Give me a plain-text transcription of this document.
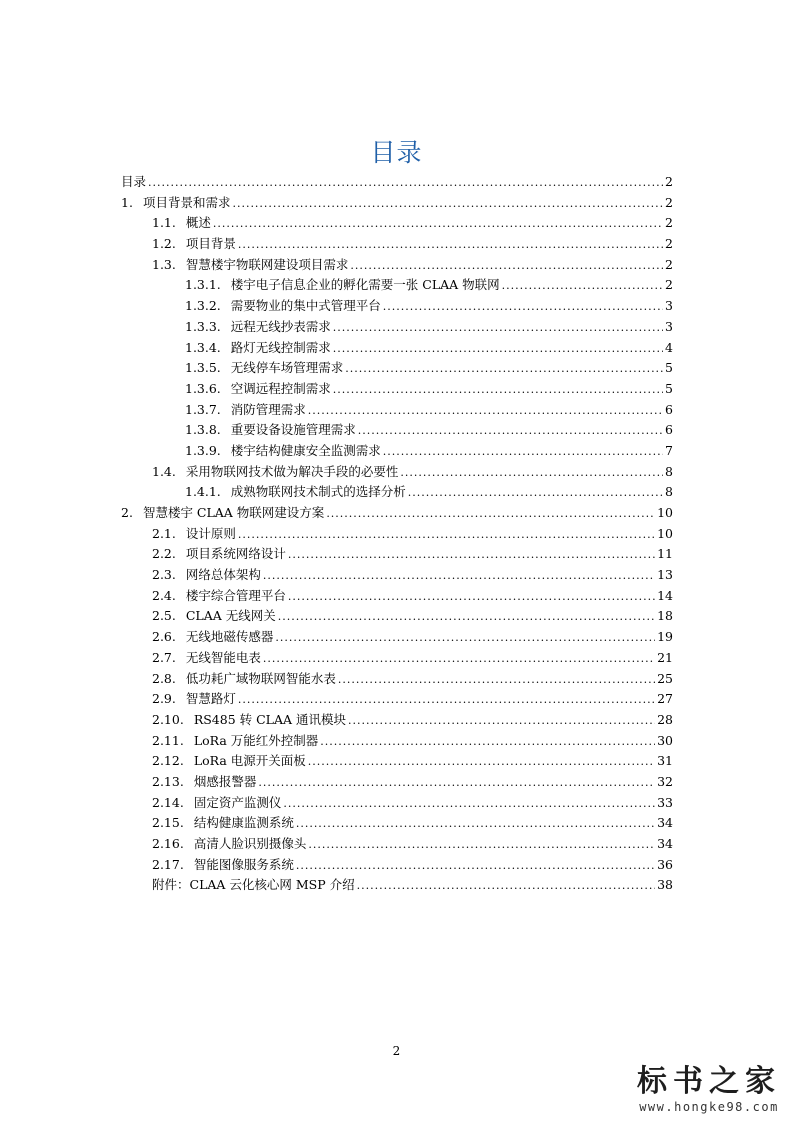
目录
目录 .....	2
1. 项目背景和需求 .....	2
1.1. 概述 .....	2
1.2. 项目背景 .....	2
1.3. 智慧楼宇物联网建设项目需求 .....	2
1.3.1. 楼宇电子信息企业的孵化需要一张 CLAA 物联网 .....	2
1.3.2. 需要物业的集中式管理平台 .....	3
1.3.3. 远程无线抄表需求 .....	3
1.3.4. 路灯无线控制需求 .....	4
1.3.5. 无线停车场管理需求 .....	5
1.3.6. 空调远程控制需求 .....	5
1.3.7. 消防管理需求 .....	6
1.3.8. 重要设备设施管理需求 .....	6
1.3.9. 楼宇结构健康安全监测需求 .....	7
1.4. 采用物联网技术做为解决手段的必要性 .....	8
1.4.1. 成熟物联网技术制式的选择分析 .....	8
2. 智慧楼宇 CLAA 物联网建设方案 .....	10
2.1. 设计原则 .....	10
2.2. 项目系统网络设计 .....	11
2.3. 网络总体架构 .....	13
2.4. 楼宇综合管理平台 .....	14
2.5. CLAA 无线网关 .....	18
2.6. 无线地磁传感器 .....	19
2.7. 无线智能电表 .....	21
2.8. 低功耗广域物联网智能水表 .....	25
2.9. 智慧路灯 .....	27
2.10. RS485 转 CLAA 通讯模块 .....	28
2.11. LoRa 万能红外控制器 .....	30
2.12. LoRa 电源开关面板 .....	31
2.13. 烟感报警器 .....	32
2.14. 固定资产监测仪 .....	33
2.15. 结构健康监测系统 .....	34
2.16. 高清人脸识别摄像头 .....	34
2.17. 智能图像服务系统 .....	36
附件：CLAA 云化核心网 MSP 介绍 .....	38
2
标书之家
www.hongke98.com
